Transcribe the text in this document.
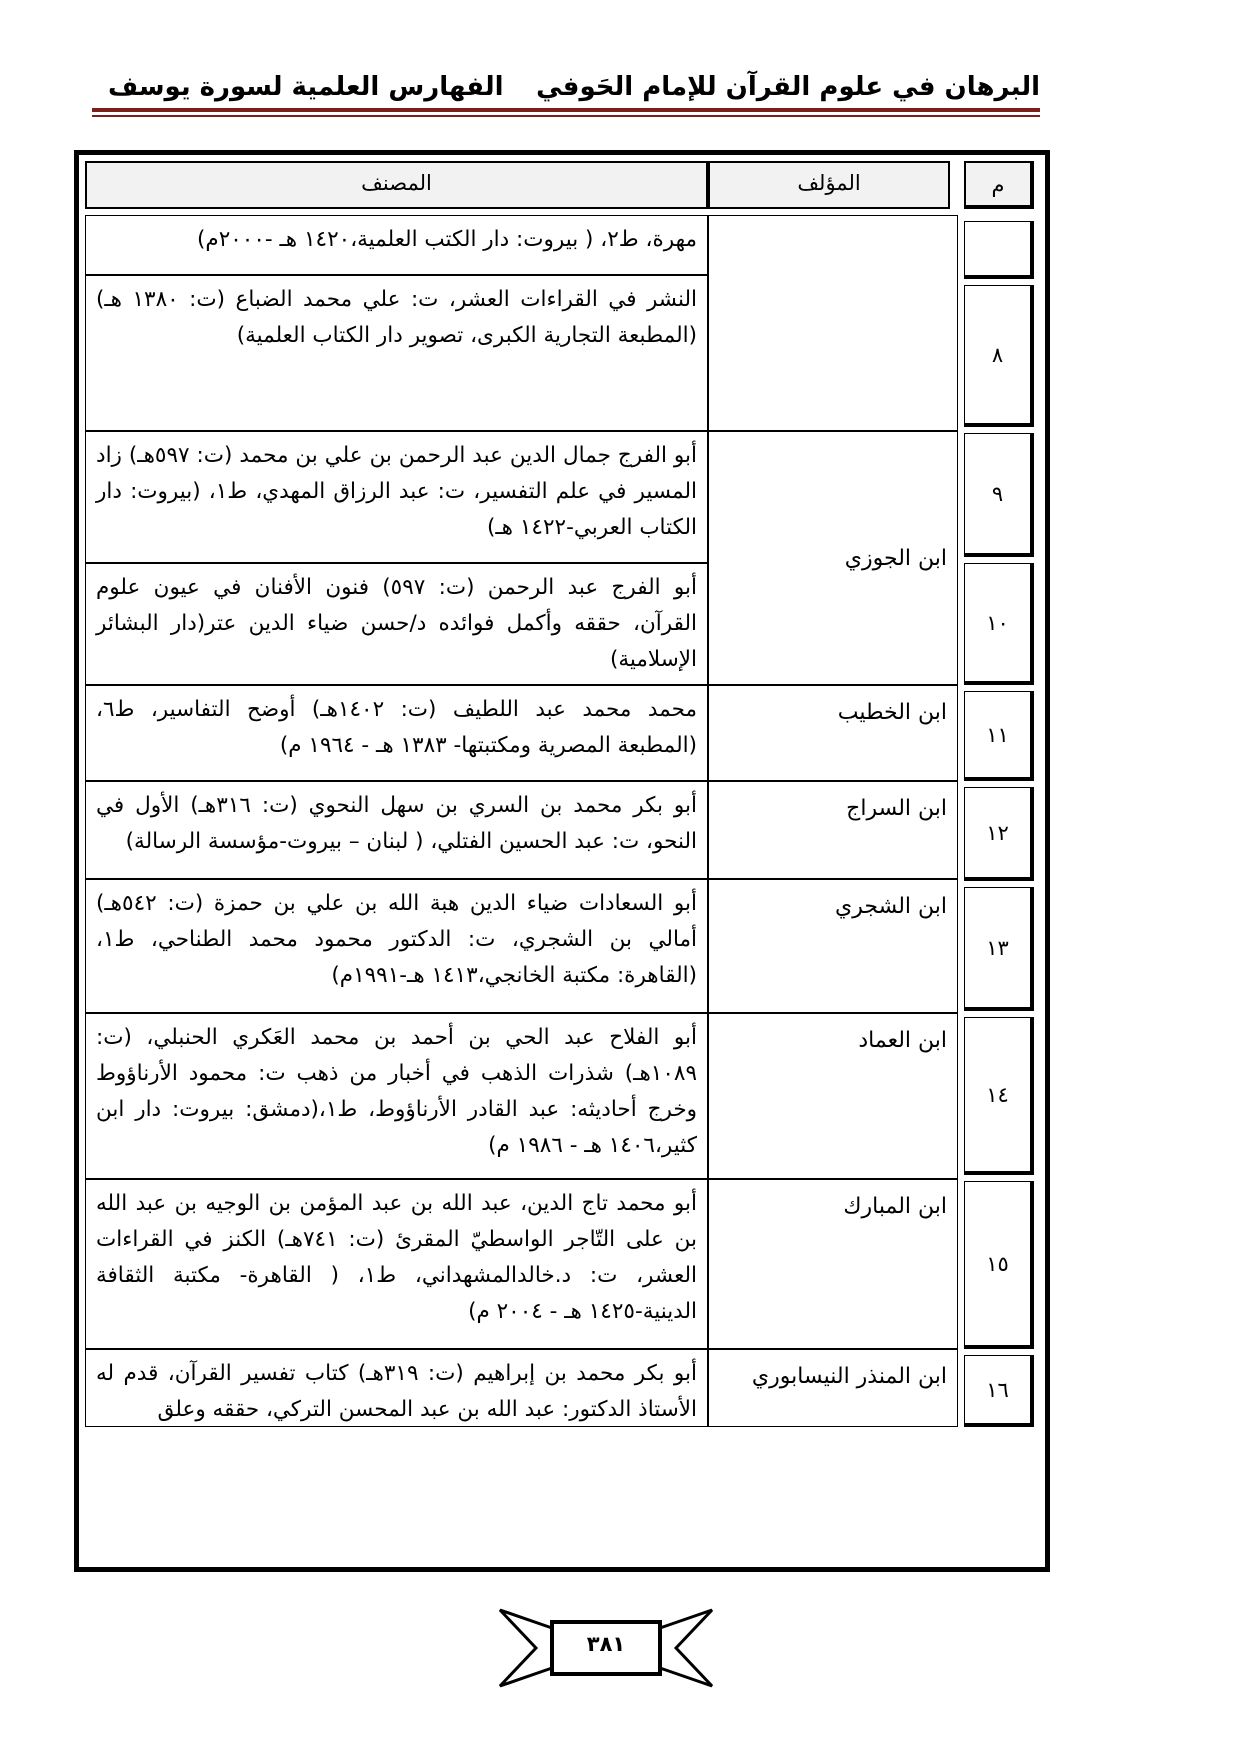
البرهان في علوم القرآن للإمام الحَوفي
الفهارس العلمية لسورة يوسف
م
المؤلف
المصنف
٨
٩
١٠
١١
١٢
١٣
١٤
١٥
١٦
ابن الجوزي
ابن الخطيب
ابن السراج
ابن الشجري
ابن العماد
ابن المبارك
ابن المنذر النيسابوري
مهرة، ط٢، ( بيروت: دار الكتب العلمية،١٤٢٠ هـ -٢٠٠٠م)
النشر في القراءات العشر، ت: علي محمد الضباع (ت: ١٣٨٠ هـ) (المطبعة التجارية الكبرى، تصوير دار الكتاب العلمية)
أبو الفرج جمال الدين عبد الرحمن بن علي بن محمد (ت: ٥٩٧هـ) زاد المسير في علم التفسير، ت: عبد الرزاق المهدي، ط١، (بيروت: دار الكتاب العربي-١٤٢٢ هـ)
أبو الفرج عبد الرحمن (ت: ٥٩٧) فنون الأفنان في عيون علوم القرآن، حققه وأكمل فوائده د/حسن ضياء الدين عتر(دار البشائر الإسلامية)
محمد محمد عبد اللطيف (ت: ١٤٠٢هـ) أوضح التفاسير، ط٦، (المطبعة المصرية ومكتبتها- ١٣٨٣ هـ - ١٩٦٤ م)
أبو بكر محمد بن السري بن سهل النحوي (ت: ٣١٦هـ) الأول في النحو، ت: عبد الحسين الفتلي، ( لبنان – بيروت-مؤسسة الرسالة)
أبو السعادات ضياء الدين هبة الله بن علي بن حمزة (ت: ٥٤٢هـ) أمالي بن الشجري، ت: الدكتور محمود محمد الطناحي، ط١، (القاهرة: مكتبة الخانجي،١٤١٣ هـ-١٩٩١م)
أبو الفلاح عبد الحي بن أحمد بن محمد العَكري الحنبلي، (ت: ١٠٨٩هـ) شذرات الذهب في أخبار من ذهب ت: محمود الأرناؤوط وخرج أحاديثه: عبد القادر الأرناؤوط، ط١،(دمشق: بيروت: دار ابن كثير،١٤٠٦ هـ - ١٩٨٦ م)
أبو محمد تاج الدين، عبد الله بن عبد المؤمن بن الوجيه بن عبد الله بن على التّاجر الواسطيّ المقرئ (ت: ٧٤١هـ) الكنز في القراءات العشر، ت: د.خالدالمشهداني، ط١، ( القاهرة- مكتبة الثقافة الدينية-١٤٢٥ هـ - ٢٠٠٤ م)
أبو بكر محمد بن إبراهيم (ت: ٣١٩هـ) كتاب تفسير القرآن، قدم له الأستاذ الدكتور: عبد الله بن عبد المحسن التركي، حققه وعلق
٣٨١
